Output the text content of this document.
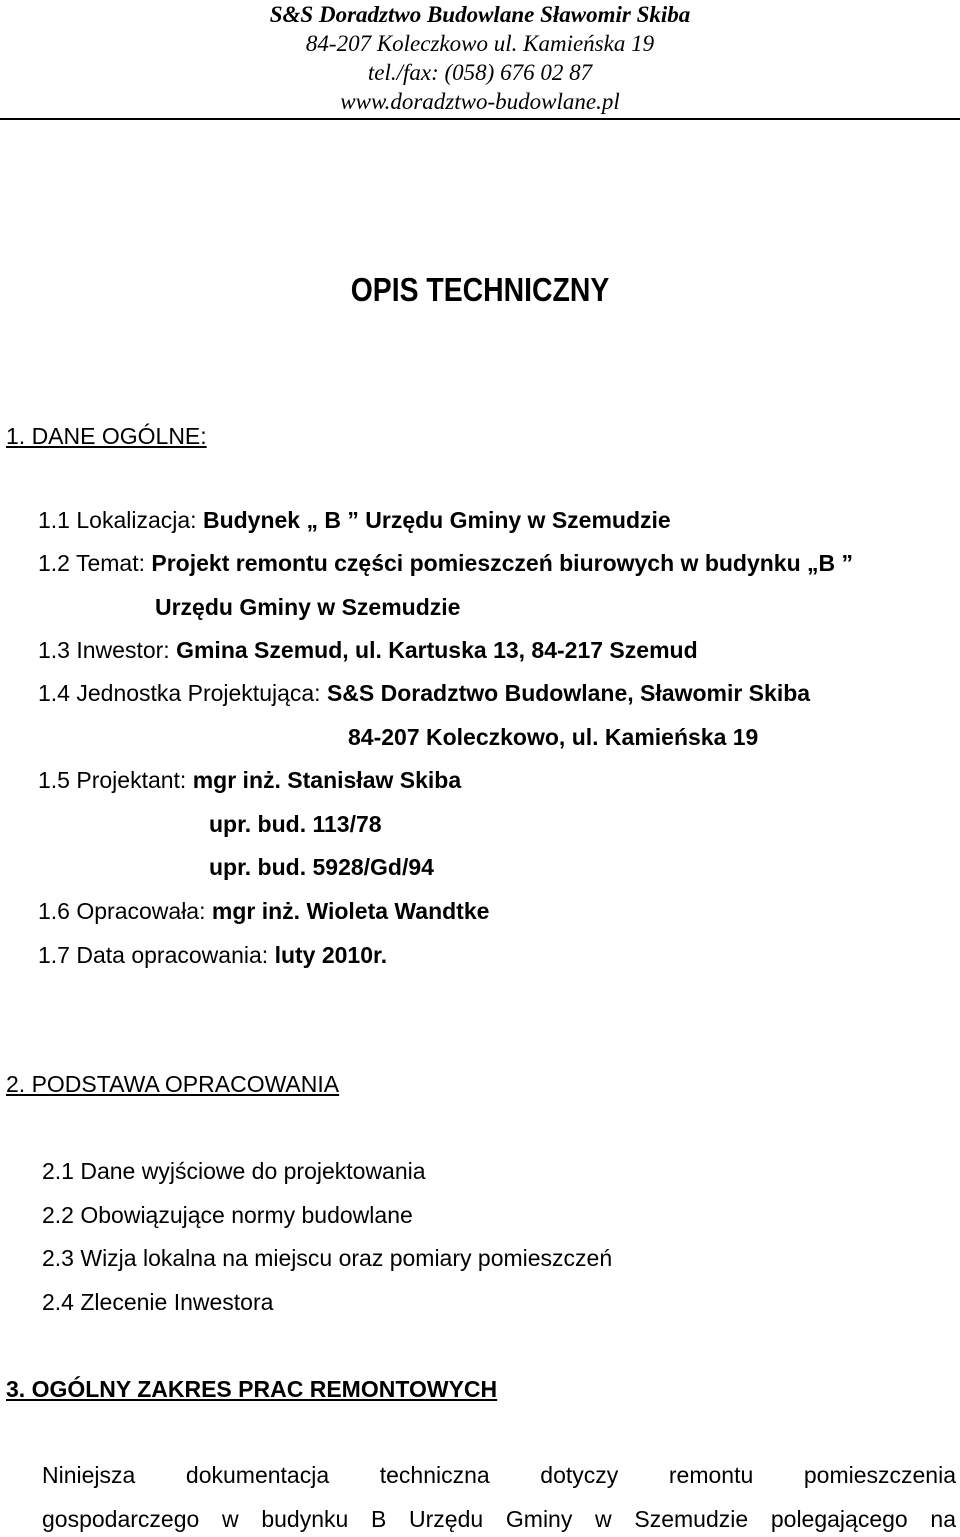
S&S Doradztwo Budowlane Sławomir Skiba
84-207 Koleczkowo ul. Kamieńska 19
tel./fax: (058) 676 02 87
www.doradztwo-budowlane.pl
OPIS TECHNICZNY
1. DANE OGÓLNE:
1.1 Lokalizacja: Budynek „ B ” Urzędu Gminy w Szemudzie
1.2 Temat: Projekt remontu części pomieszczeń biurowych w budynku „B ”
Urzędu Gminy w Szemudzie
1.3 Inwestor: Gmina Szemud, ul. Kartuska 13, 84-217 Szemud
1.4 Jednostka Projektująca: S&S Doradztwo Budowlane, Sławomir Skiba
84-207 Koleczkowo, ul. Kamieńska 19
1.5 Projektant: mgr inż. Stanisław Skiba
upr. bud. 113/78
upr. bud. 5928/Gd/94
1.6 Opracowała: mgr inż. Wioleta Wandtke
1.7 Data opracowania: luty 2010r.
2. PODSTAWA OPRACOWANIA
2.1 Dane wyjściowe do projektowania
2.2 Obowiązujące normy budowlane
2.3 Wizja lokalna na miejscu oraz pomiary pomieszczeń
2.4 Zlecenie Inwestora
3. OGÓLNY ZAKRES PRAC REMONTOWYCH
Niniejsza dokumentacja techniczna dotyczy remontu pomieszczenia
gospodarczego w budynku B Urzędu Gminy w Szemudzie polegającego na
